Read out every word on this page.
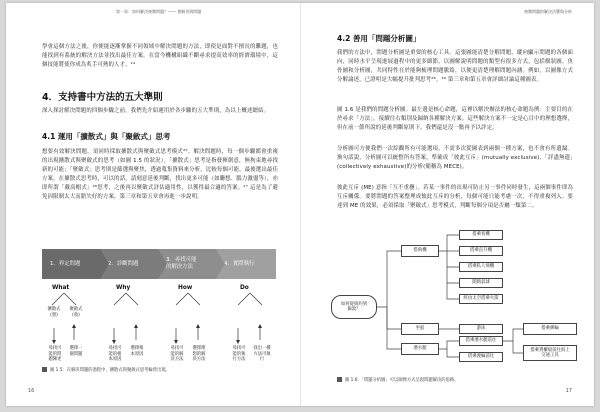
第一章．如何解決複雜問題？—— 會解答與問題

學會這個方法之後，你便能逐漸掌握不同領域中解決問題的方法，即使是面對不擅長的難題，也能找到有系統的解決方法並找出最佳方案。在當今機構組織不斷尋求提高效率的經濟環境中，這個技能將使你成為炙手可熱的人才。²⁴

4．支持書中方法的五大準則

深入探討解決問題的四個步驟之前，我們先介紹運用於各步驟的五大準則，為以上概述總結。

4.1 運用「擴散式」與「聚斂式」思考

想要有效解決問題，須同時採取擴散式與聚斂式思考模式²⁵。解決問題時，每一個步驟都會重複的出現擴散式與聚斂式的思考（如圖 1.5 的狀況）。「擴散式」思考是指發揮創意，無拘束地尋找新的可能；「聚斂式」思考則是篩選與聚焦，透過蒐集資料來分析，比較每個可能，最後選出最佳方案。在擴散式思考時，可以的話，請刻意延後判斷，找出更多可能（如聯想、腦力激盪等），亦即所謂「戴高帽式」²⁶思考，之後再以聚斂式評估適用性，以獲得最合適的答案。²⁷ 這是為了避免因限制太大而錯失好的方案，第三章和第五章會再進一步說明。

1．界定問題	2．診斷問題
3．尋找可能
的解決方法
4．實際執行
What	Why	How	Do
擴散式
(發)
聚斂式
(收)
尋找可
能的問
題陳述
選擇一
個問題
尋找可
能的根
本原因
選擇根
本原因
尋找可
能的解
決方法
選擇理
想的解
決方法
尋找可
能的執
行方法
找出一種
方法可執
行
圖 1.5：在解決問題的過程中，擴散式與聚斂式思考輪替出現。
16
複雜問題的解決法寶與分析
4.2 善用「問題分析圖」

我們的方法中，問題分析圖是重要的核心工具。這張圖能清楚分解問題，縱向顯示問題的各個面向，同時水平呈現進展過程中的更多細節，以圖解說明問題的類型有很多方式，包括樹狀圖、魚骨圖和分析圖，共同特性在於能夠梳理問題脈絡，以便更清楚理解問題內涵。例如，以圖像方式分解論述，已證明是大幅提升批判思考²⁸。³⁹ 第三章和第五章會詳細討論這種圖表。

圖 1.6 是我們的問題分析圖。最左邊是核心命題，這裡以解決辦法的核心命題為例：主要目的在於尋求「方法」，接續往右類別及歸納各種解決方案。這些解決方案不一定是心目中的理想選擇，但在前一節所說的延後判斷原則下，我們還是沒一點再予以評定。

分析圖可方便我們一次綜觀所有可能選項，不需多次從圖表到兩個一種方案，也不會有所遺漏。換句話說，分析圖可以統整所有答案，準確成「彼此互斥」(mutually exclusive)、「詳盡無遺」(collectively exhaustive)的分析(簡稱為 MECE)。

彼此互斥 (ME) 意指「互不重疊」。若某一事件的出現可防止另一事件同時發生，這兩個事件即為互斥關係。要將問題的答案整理成彼此互斥的分析，每個可能只能考慮一次，不得重複列入。要達到 ME 的效果，必須採取「聚斂式」思考模式，判斷每個分項是否屬一類第二。

如何從紐約到
倫敦？
搭飛機
坐船
潛水艇
搭乘客機
搭乘直升機
搭乘私人飛機
開熱氣球
經由太空搭乘火箭
游泳
搭乘潛水艇前往
搭乘渡輪前往
搭乘郵輪
搭乘貨櫃船前往海上
交通工具
圖 1.6：「問題分析圖」可以圖像方式呈現問題解決的思路。
17
